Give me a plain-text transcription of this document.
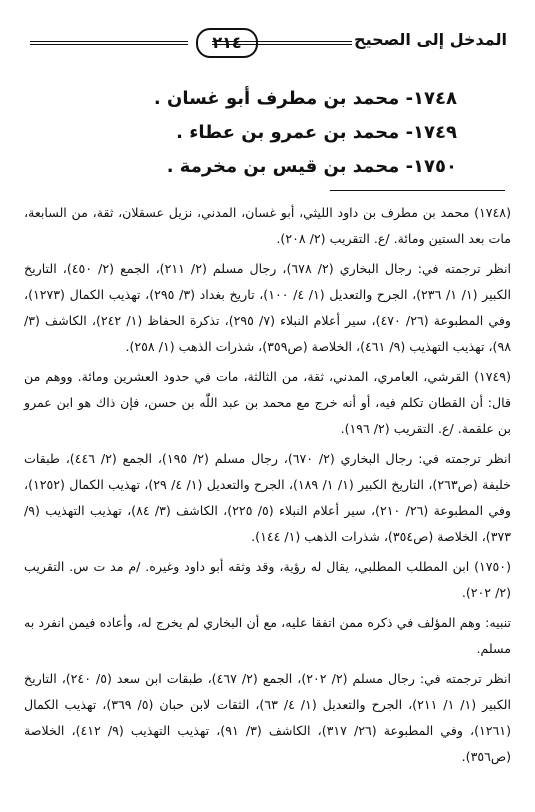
٢١٤	المدخل إلى الصحيح
١٧٤٨- محمد بن مطرف أبو غسان .
١٧٤٩- محمد بن عمرو بن عطاء .
١٧٥٠- محمد بن قيس بن مخرمة .

(١٧٤٨) محمد بن مطرف بن داود الليثي، أبو غسان، المدني، نزيل عسقلان، ثقة، من السابعة، مات بعد الستين ومائة. /ع. التقريب (٢/ ٢٠٨).

انظر ترجمته في: رجال البخاري (٢/ ٦٧٨)، رجال مسلم (٢/ ٢١١)، الجمع (٢/ ٤٥٠)، التاريخ الكبير (١/ ١/ ٢٣٦)، الجرح والتعديل (١/ ٤/ ١٠٠)، تاريخ بغداد (٣/ ٢٩٥)، تهذيب الكمال (١٢٧٣)، وفي المطبوعة (٢٦/ ٤٧٠)، سير أعلام النبلاء (٧/ ٢٩٥)، تذكرة الحفاظ (١/ ٢٤٢)، الكاشف (٣/ ٩٨)، تهذيب التهذيب (٩/ ٤٦١)، الخلاصة (ص٣٥٩)، شذرات الذهب (١/ ٢٥٨).

(١٧٤٩) القرشي، العامري، المدني، ثقة، من الثالثة، مات في حدود العشرين ومائة. ووهم من قال: أن القطان تكلم فيه، أو أنه خرج مع محمد بن عبد اللّٰه بن حسن، فإن ذاك هو ابن عمرو بن علقمة. /ع. التقريب (٢/ ١٩٦).

انظر ترجمته في: رجال البخاري (٢/ ٦٧٠)، رجال مسلم (٢/ ١٩٥)، الجمع (٢/ ٤٤٦)، طبقات خليفة (ص٢٦٣)، التاريخ الكبير (١/ ١/ ١٨٩)، الجرح والتعديل (١/ ٤/ ٢٩)، تهذيب الكمال (١٢٥٢)، وفي المطبوعة (٢٦/ ٢١٠)، سير أعلام النبلاء (٥/ ٢٢٥)، الكاشف (٣/ ٨٤)، تهذيب التهذيب (٩/ ٣٧٣)، الخلاصة (ص٣٥٤)، شذرات الذهب (١/ ١٤٤).

(١٧٥٠) ابن المطلب المطلبي، يقال له رؤية، وقد وثقه أبو داود وغيره. /م مد ت س. التقريب (٢/ ٢٠٢).

تنبيه: وهم المؤلف في ذكره ممن اتفقا عليه، مع أن البخاري لم يخرج له، وأعاده فيمن انفرد به مسلم.

انظر ترجمته في: رجال مسلم (٢/ ٢٠٢)، الجمع (٢/ ٤٦٧)، طبقات ابن سعد (٥/ ٢٤٠)، التاريخ الكبير (١/ ١/ ٢١١)، الجرح والتعديل (١/ ٤/ ٦٣)، الثقات لابن حبان (٥/ ٣٦٩)، تهذيب الكمال (١٢٦١)، وفي المطبوعة (٢٦/ ٣١٧)، الكاشف (٣/ ٩١)، تهذيب التهذيب (٩/ ٤١٢)، الخلاصة (ص٣٥٦).
